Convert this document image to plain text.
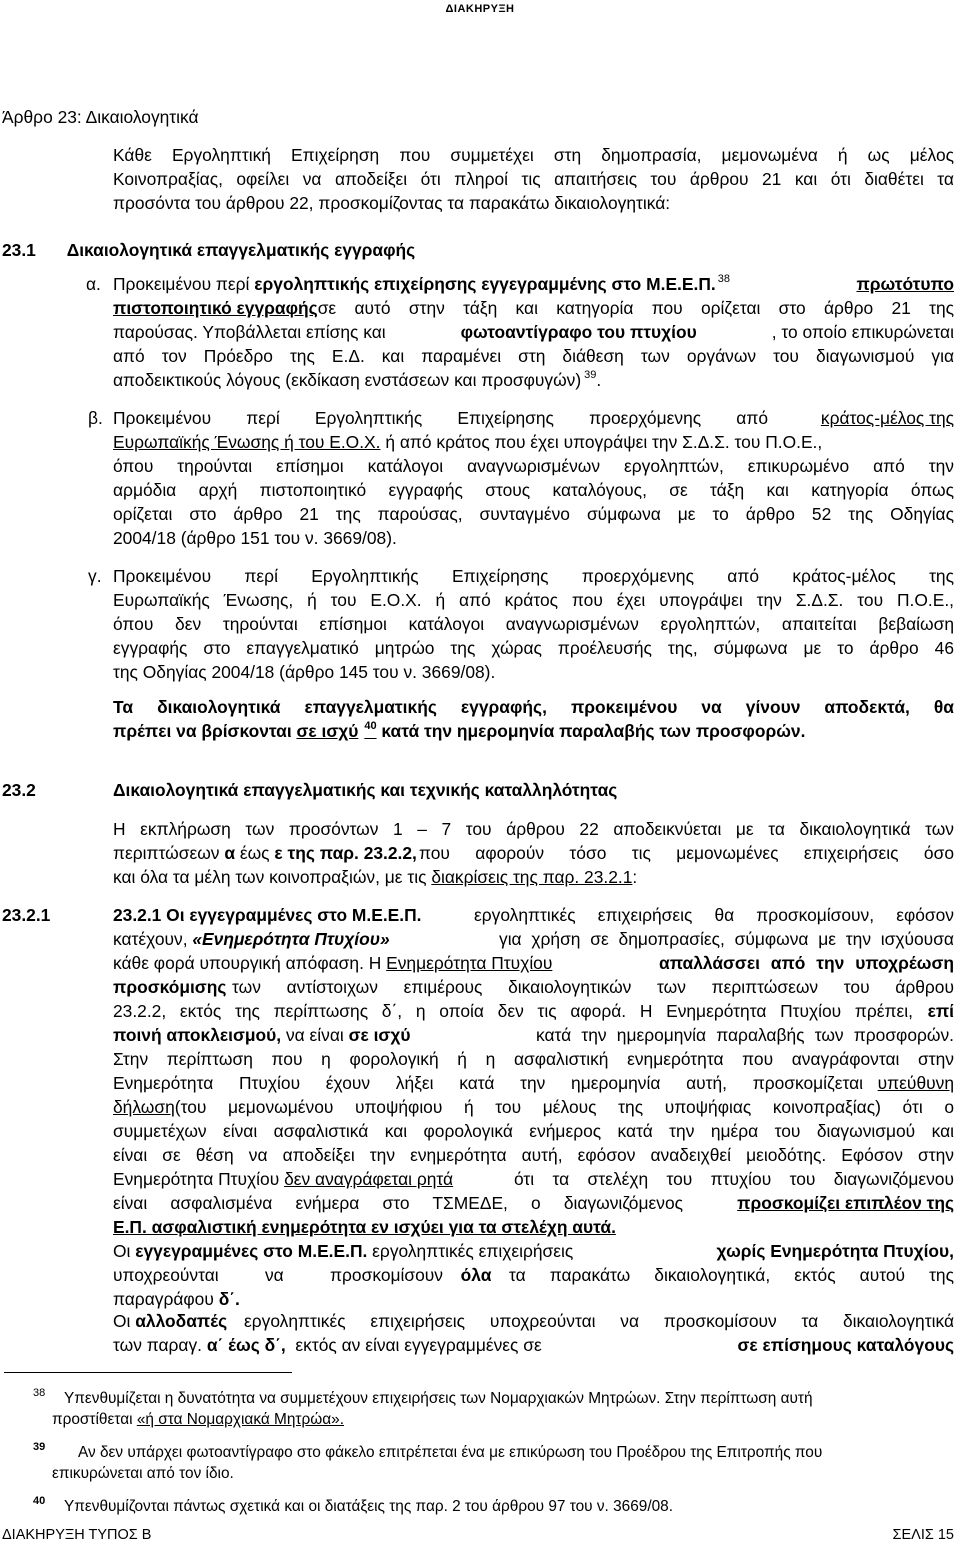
ΔΙΑΚΗΡΥΞΗ
Άρθρο 23: Δικαιολογητικά
Κάθε Εργοληπτική Επιχείρηση που συμμετέχει στη δημοπρασία, μεμονωμένα ή ως μέλος
Κοινοπραξίας, οφείλει να αποδείξει ότι πληροί τις απαιτήσεις του άρθρου 21 και ότι διαθέτει τα
προσόντα του άρθρου 22, προσκομίζοντας τα παρακάτω δικαιολογητικά:
23.1 Δικαιολογητικά επαγγελματικής εγγραφής
α. Προκειμένου περί εργοληπτικής επιχείρησης εγγεγραμμένης στο Μ.Ε.Ε.Π. $^{38}$	πρωτότυπο
πιστοποιητικό εγγραφής σε αυτό στην τάξη και κατηγορία που ορίζεται στο άρθρο 21 της
παρούσας. Υποβάλλεται επίσης και	φωτοαντίγραφο του πτυχίου	, το οποίο επικυρώνεται
από τον Πρόεδρο της Ε.Δ. και παραμένει στη διάθεση των οργάνων του διαγωνισμού για
αποδεικτικούς λόγους (εκδίκαση ενστάσεων και προσφυγών) $^{39}$.
β. Προκειμένου περί Εργοληπτικής Επιχείρησης προερχόμενης από	κράτος-μέλος της
Ευρωπαϊκής Ένωσης ή του Ε.Ο.Χ. ή από κράτος που έχει υπογράψει την Σ.Δ.Σ. του Π.Ο.Ε.,
όπου τηρούνται επίσημοι κατάλογοι αναγνωρισμένων εργοληπτών, επικυρωμένο από την
αρμόδια αρχή πιστοποιητικό εγγραφής στους καταλόγους, σε τάξη και κατηγορία όπως
ορίζεται στο άρθρο 21 της παρούσας, συνταγμένο σύμφωνα με το άρθρο 52 της Οδηγίας
2004/18 (άρθρο 151 του ν. 3669/08).
γ. Προκειμένου περί Εργοληπτικής Επιχείρησης προερχόμενης από κράτος-μέλος της
Ευρωπαϊκής Ένωσης, ή του Ε.Ο.Χ. ή από κράτος που έχει υπογράψει την Σ.Δ.Σ. του Π.Ο.Ε.,
όπου δεν τηρούνται επίσημοι κατάλογοι αναγνωρισμένων εργοληπτών, απαιτείται βεβαίωση
εγγραφής στο επαγγελματικό μητρώο της χώρας προέλευσής της, σύμφωνα με το άρθρο 46
της Οδηγίας 2004/18 (άρθρο 145 του ν. 3669/08).
Τα δικαιολογητικά επαγγελματικής εγγραφής, προκειμένου να γίνουν αποδεκτά, θα
πρέπει να βρίσκονται σε ισχύ $^{40}$ κατά την ημερομηνία παραλαβής των προσφορών.
23.2	Δικαιολογητικά επαγγελματικής και τεχνικής καταλληλότητας
Η εκπλήρωση των προσόντων 1 – 7 του άρθρου 22 αποδεικνύεται με τα δικαιολογητικά των
περιπτώσεων α έως ε της παρ. 23.2.2, που αφορούν τόσο τις μεμονωμένες επιχειρήσεις όσο
και όλα τα μέλη των κοινοπραξιών, με τις διακρίσεις της παρ. 23.2.1:
23.2.1	23.2.1 Οι εγγεγραμμένες στο Μ.Ε.Ε.Π.	εργοληπτικές επιχειρήσεις θα προσκομίσουν, εφόσον
κατέχουν, «Ενημερότητα Πτυχίου»	για χρήση σε δημοπρασίες, σύμφωνα με την ισχύουσα
κάθε φορά υπουργική απόφαση. Η Ενημερότητα Πτυχίου	απαλλάσσει από την υποχρέωση
προσκόμισης των αντίστοιχων επιμέρους δικαιολογητικών των περιπτώσεων του άρθρου
23.2.2, εκτός της περίπτωσης δ΄, η οποία δεν τις αφορά. Η Ενημερότητα Πτυχίου πρέπει, επί
ποινή αποκλεισμού, να είναι σε ισχύ	κατά την ημερομηνία παραλαβής των προσφορών.
Στην περίπτωση που η φορολογική ή η ασφαλιστική ενημερότητα που αναγράφονται στην
Ενημερότητα Πτυχίου έχουν λήξει κατά την ημερομηνία αυτή, προσκομίζεται υπεύθυνη
δήλωση (του μεμονωμένου υποψήφιου ή του μέλους της υποψήφιας κοινοπραξίας) ότι ο
συμμετέχων είναι ασφαλιστικά και φορολογικά ενήμερος κατά την ημέρα του διαγωνισμού και
είναι σε θέση να αποδείξει την ενημερότητα αυτή, εφόσον αναδειχθεί μειοδότης. Εφόσον στην
Ενημερότητα Πτυχίου δεν αναγράφεται ρητά	ότι τα στελέχη του πτυχίου του διαγωνιζόμενου
είναι ασφαλισμένα ενήμερα στο ΤΣΜΕΔΕ, ο διαγωνιζόμενος	προσκομίζει επιπλέον της
Ε.Π. ασφαλιστική ενημερότητα εν ισχύει για τα στελέχη αυτά.
Οι εγγεγραμμένες στο Μ.Ε.Ε.Π. εργοληπτικές επιχειρήσεις	χωρίς Ενημερότητα Πτυχίου,
υποχρεούνται να προσκομίσουν όλα τα παρακάτω δικαιολογητικά, εκτός αυτού της
παραγράφου δ΄.
Οι αλλοδαπές εργοληπτικές επιχειρήσεις υποχρεούνται να προσκομίσουν τα δικαιολογητικά
των παραγ. α΄ έως δ΄,  εκτός αν είναι εγγεγραμμένες σε	σε επίσημους καταλόγους
38 Υπενθυμίζεται η δυνατότητα να συμμετέχουν επιχειρήσεις των Νομαρχιακών Μητρώων. Στην περίπτωση αυτή
προστίθεται «ή στα Νομαρχιακά Μητρώα».
39 Αν δεν υπάρχει φωτοαντίγραφο στο φάκελο επιτρέπεται ένα με επικύρωση του Προέδρου της Επιτροπής που
επικυρώνεται από τον ίδιο.
40 Υπενθυμίζονται πάντως σχετικά και οι διατάξεις της παρ. 2 του άρθρου 97 του ν. 3669/08.
ΔΙΑΚΗΡΥΞΗ ΤΥΠΟΣ Β	ΣΕΛΙΣ 15
